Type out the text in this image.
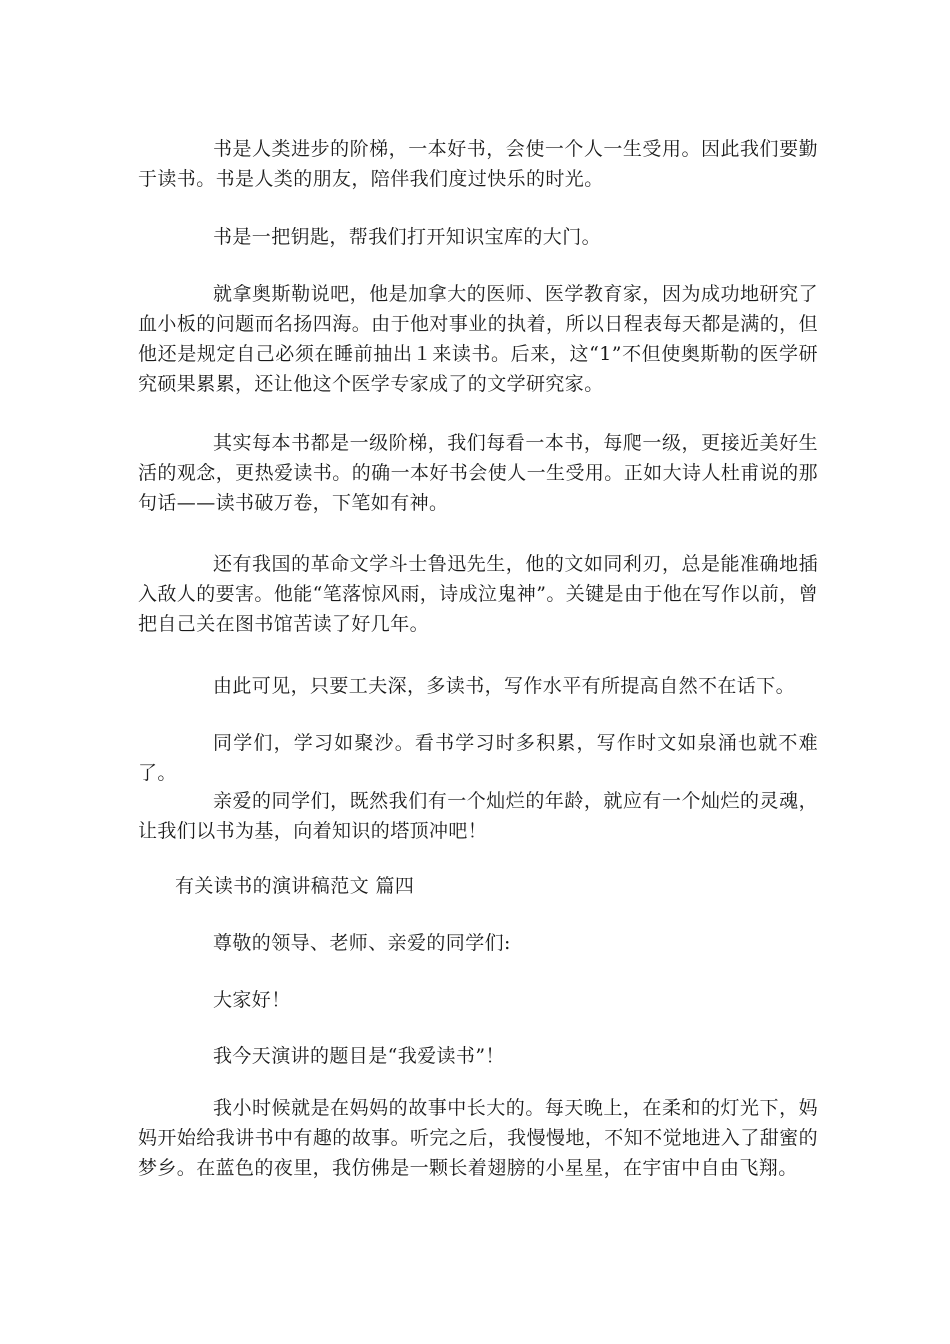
书是人类进步的阶梯，一本好书，会使一个人一生受用。因此我们要勤于读书。书是人类的朋友，陪伴我们度过快乐的时光。

书是一把钥匙，帮我们打开知识宝库的大门。

就拿奥斯勒说吧，他是加拿大的医师、医学教育家，因为成功地研究了血小板的问题而名扬四海。由于他对事业的执着，所以日程表每天都是满的，但他还是规定自己必须在睡前抽出１来读书。后来，这“1”不但使奥斯勒的医学研究硕果累累，还让他这个医学专家成了的文学研究家。

其实每本书都是一级阶梯，我们每看一本书，每爬一级，更接近美好生活的观念，更热爱读书。的确一本好书会使人一生受用。正如大诗人杜甫说的那句话——读书破万卷，下笔如有神。

还有我国的革命文学斗士鲁迅先生，他的文如同利刃，总是能准确地插入敌人的要害。他能“笔落惊风雨，诗成泣鬼神”。关键是由于他在写作以前，曾把自己关在图书馆苦读了好几年。

由此可见，只要工夫深，多读书，写作水平有所提高自然不在话下。

同学们，学习如聚沙。看书学习时多积累，写作时文如泉涌也就不难了。

亲爱的同学们，既然我们有一个灿烂的年龄，就应有一个灿烂的灵魂，让我们以书为基，向着知识的塔顶冲吧！

有关读书的演讲稿范文 篇四

尊敬的领导、老师、亲爱的同学们:

大家好！

我今天演讲的题目是“我爱读书”！

我小时候就是在妈妈的故事中长大的。每天晚上，在柔和的灯光下，妈妈开始给我讲书中有趣的故事。听完之后，我慢慢地，不知不觉地进入了甜蜜的梦乡。在蓝色的夜里，我仿佛是一颗长着翅膀的小星星，在宇宙中自由飞翔。
